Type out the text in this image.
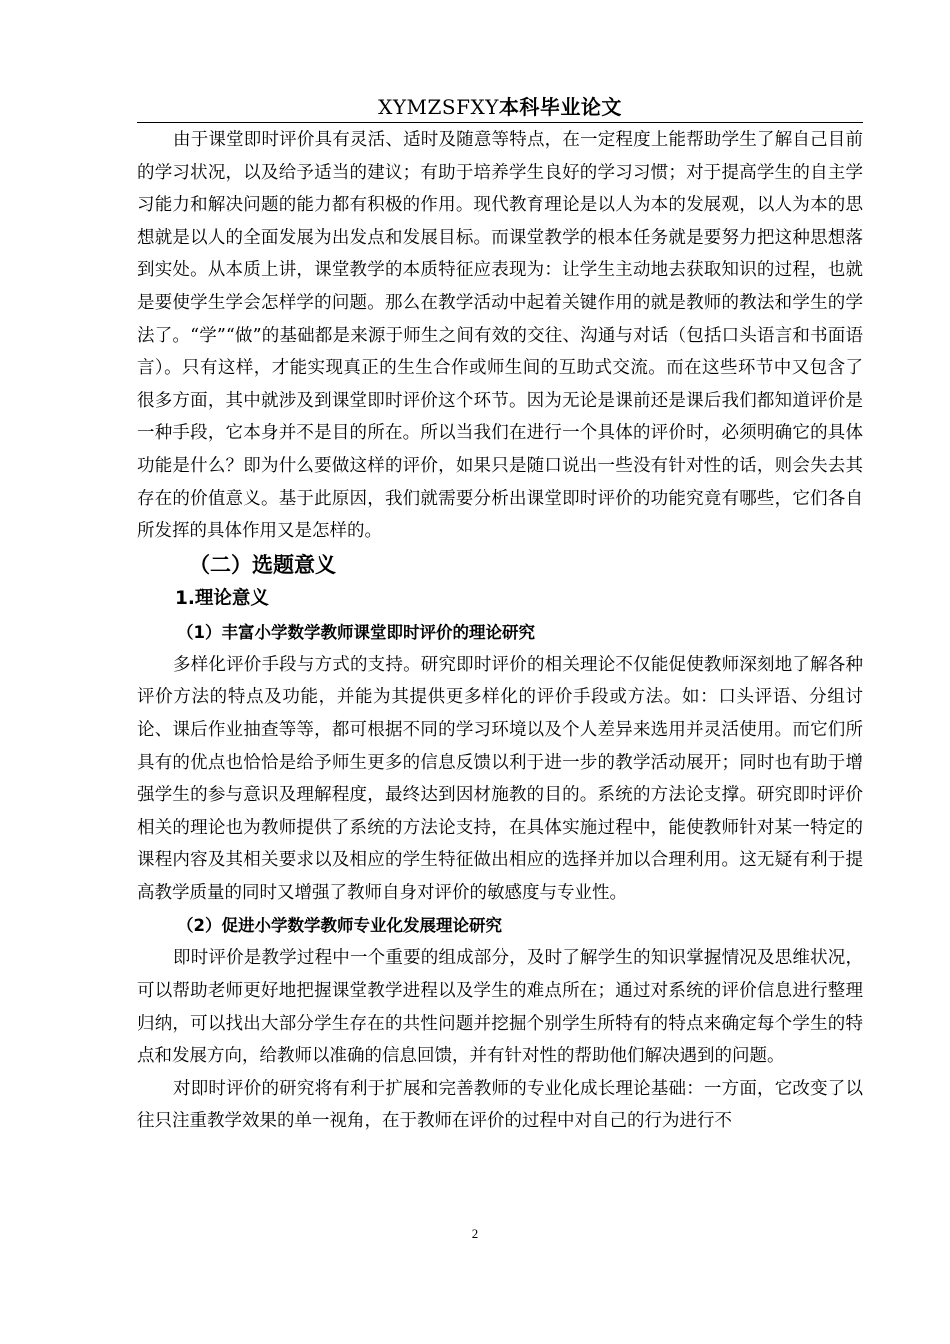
XYMZSFXY本科毕业论文

由于课堂即时评价具有灵活、适时及随意等特点，在一定程度上能帮助学生了解自己目前的学习状况，以及给予适当的建议；有助于培养学生良好的学习习惯；对于提高学生的自主学习能力和解决问题的能力都有积极的作用。现代教育理论是以人为本的发展观，以人为本的思想就是以人的全面发展为出发点和发展目标。而课堂教学的根本任务就是要努力把这种思想落到实处。从本质上讲，课堂教学的本质特征应表现为：让学生主动地去获取知识的过程，也就是要使学生学会怎样学的问题。那么在教学活动中起着关键作用的就是教师的教法和学生的学法了。“学”“做”的基础都是来源于师生之间有效的交往、沟通与对话（包括口头语言和书面语言）。只有这样，才能实现真正的生生合作或师生间的互助式交流。而在这些环节中又包含了很多方面，其中就涉及到课堂即时评价这个环节。因为无论是课前还是课后我们都知道评价是一种手段，它本身并不是目的所在。所以当我们在进行一个具体的评价时，必须明确它的具体功能是什么？即为什么要做这样的评价，如果只是随口说出一些没有针对性的话，则会失去其存在的价值意义。基于此原因，我们就需要分析出课堂即时评价的功能究竟有哪些，它们各自所发挥的具体作用又是怎样的。

（二）选题意义
1.理论意义
（1）丰富小学数学教师课堂即时评价的理论研究

多样化评价手段与方式的支持。研究即时评价的相关理论不仅能促使教师深刻地了解各种评价方法的特点及功能，并能为其提供更多样化的评价手段或方法。如：口头评语、分组讨论、课后作业抽查等等，都可根据不同的学习环境以及个人差异来选用并灵活使用。而它们所具有的优点也恰恰是给予师生更多的信息反馈以利于进一步的教学活动展开；同时也有助于增强学生的参与意识及理解程度，最终达到因材施教的目的。系统的方法论支撑。研究即时评价相关的理论也为教师提供了系统的方法论支持，在具体实施过程中，能使教师针对某一特定的课程内容及其相关要求以及相应的学生特征做出相应的选择并加以合理利用。这无疑有利于提高教学质量的同时又增强了教师自身对评价的敏感度与专业性。

（2）促进小学数学教师专业化发展理论研究

即时评价是教学过程中一个重要的组成部分，及时了解学生的知识掌握情况及思维状况，可以帮助老师更好地把握课堂教学进程以及学生的难点所在；通过对系统的评价信息进行整理归纳，可以找出大部分学生存在的共性问题并挖掘个别学生所特有的特点来确定每个学生的特点和发展方向，给教师以准确的信息回馈，并有针对性的帮助他们解决遇到的问题。

对即时评价的研究将有利于扩展和完善教师的专业化成长理论基础：一方面，它改变了以往只注重教学效果的单一视角，在于教师在评价的过程中对自己的行为进行不

2
